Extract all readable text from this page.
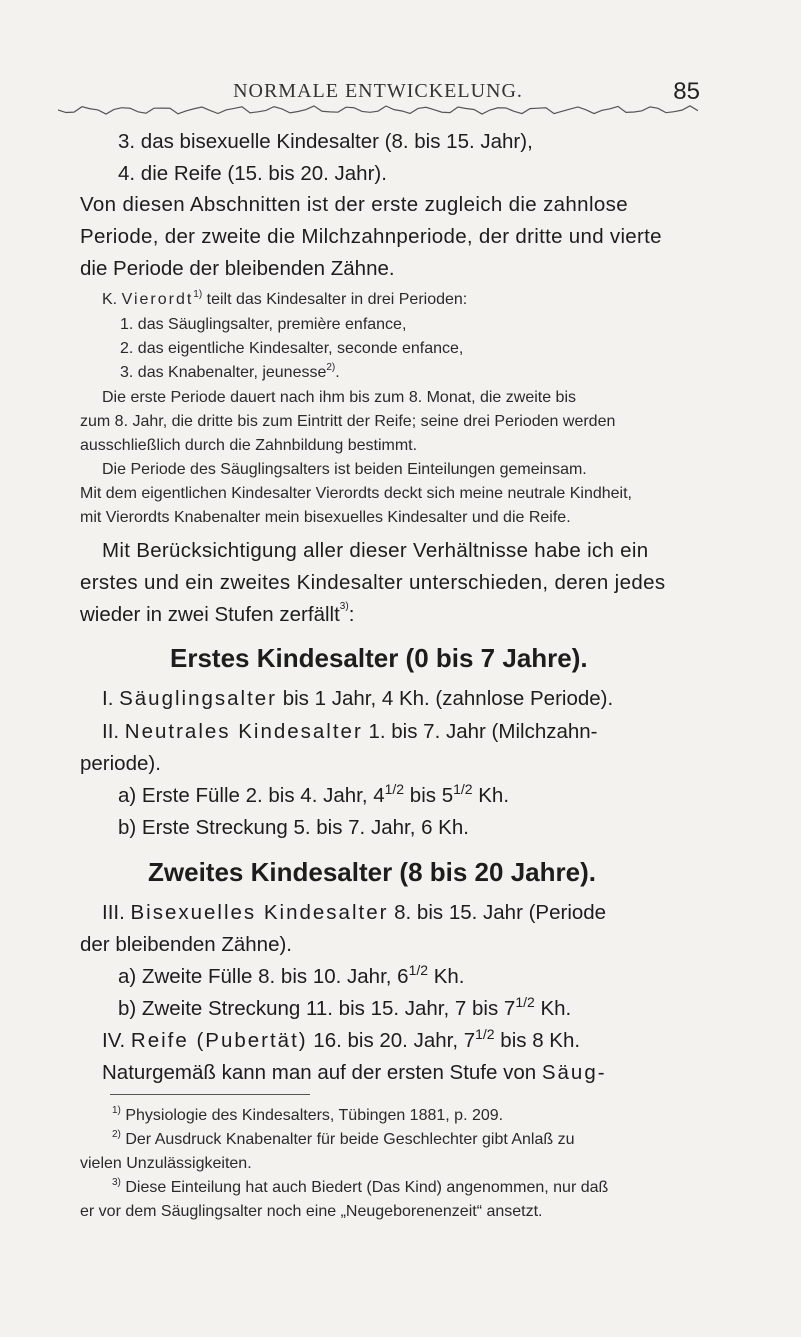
NORMALE ENTWICKELUNG.	85
3. das bisexuelle Kindesalter (8. bis 15. Jahr),
4. die Reife (15. bis 20. Jahr).
Von diesen Abschnitten ist der erste zugleich die zahnlose
Periode, der zweite die Milchzahnperiode, der dritte und vierte
die Periode der bleibenden Zähne.
K. Vierordt$^{1)}$ teilt das Kindesalter in drei Perioden:
1. das Säuglingsalter, première enfance,
2. das eigentliche Kindesalter, seconde enfance,
3. das Knabenalter, jeunesse$^{2)}$.
Die erste Periode dauert nach ihm bis zum 8. Monat, die zweite bis
zum 8. Jahr, die dritte bis zum Eintritt der Reife; seine drei Perioden werden
ausschließlich durch die Zahnbildung bestimmt.
Die Periode des Säuglingsalters ist beiden Einteilungen gemeinsam.
Mit dem eigentlichen Kindesalter Vierordts deckt sich meine neutrale Kindheit,
mit Vierordts Knabenalter mein bisexuelles Kindesalter und die Reife.
Mit Berücksichtigung aller dieser Verhältnisse habe ich ein
erstes und ein zweites Kindesalter unterschieden, deren jedes
wieder in zwei Stufen zerfällt$^{3)}$:
Erstes Kindesalter (0 bis 7 Jahre).
I. Säuglingsalter bis 1 Jahr, 4 Kh. (zahnlose Periode).
II. Neutrales Kindesalter 1. bis 7. Jahr (Milchzahn-
periode).
a) Erste Fülle 2. bis 4. Jahr, $4^{1/2}$ bis $5^{1/2}$ Kh.
b) Erste Streckung 5. bis 7. Jahr, 6 Kh.
Zweites Kindesalter (8 bis 20 Jahre).
III. Bisexuelles Kindesalter 8. bis 15. Jahr (Periode
der bleibenden Zähne).
a) Zweite Fülle 8. bis 10. Jahr, $6^{1/2}$ Kh.
b) Zweite Streckung 11. bis 15. Jahr, 7 bis $7^{1/2}$ Kh.
IV. Reife (Pubertät) 16. bis 20. Jahr, $7^{1/2}$ bis 8 Kh.
Naturgemäß kann man auf der ersten Stufe von Säug-
$^{1)}$ Physiologie des Kindesalters, Tübingen 1881, p. 209.
$^{2)}$ Der Ausdruck Knabenalter für beide Geschlechter gibt Anlaß zu
vielen Unzulässigkeiten.
$^{3)}$ Diese Einteilung hat auch Biedert (Das Kind) angenommen, nur daß
er vor dem Säuglingsalter noch eine „Neugeborenenzeit“ ansetzt.
